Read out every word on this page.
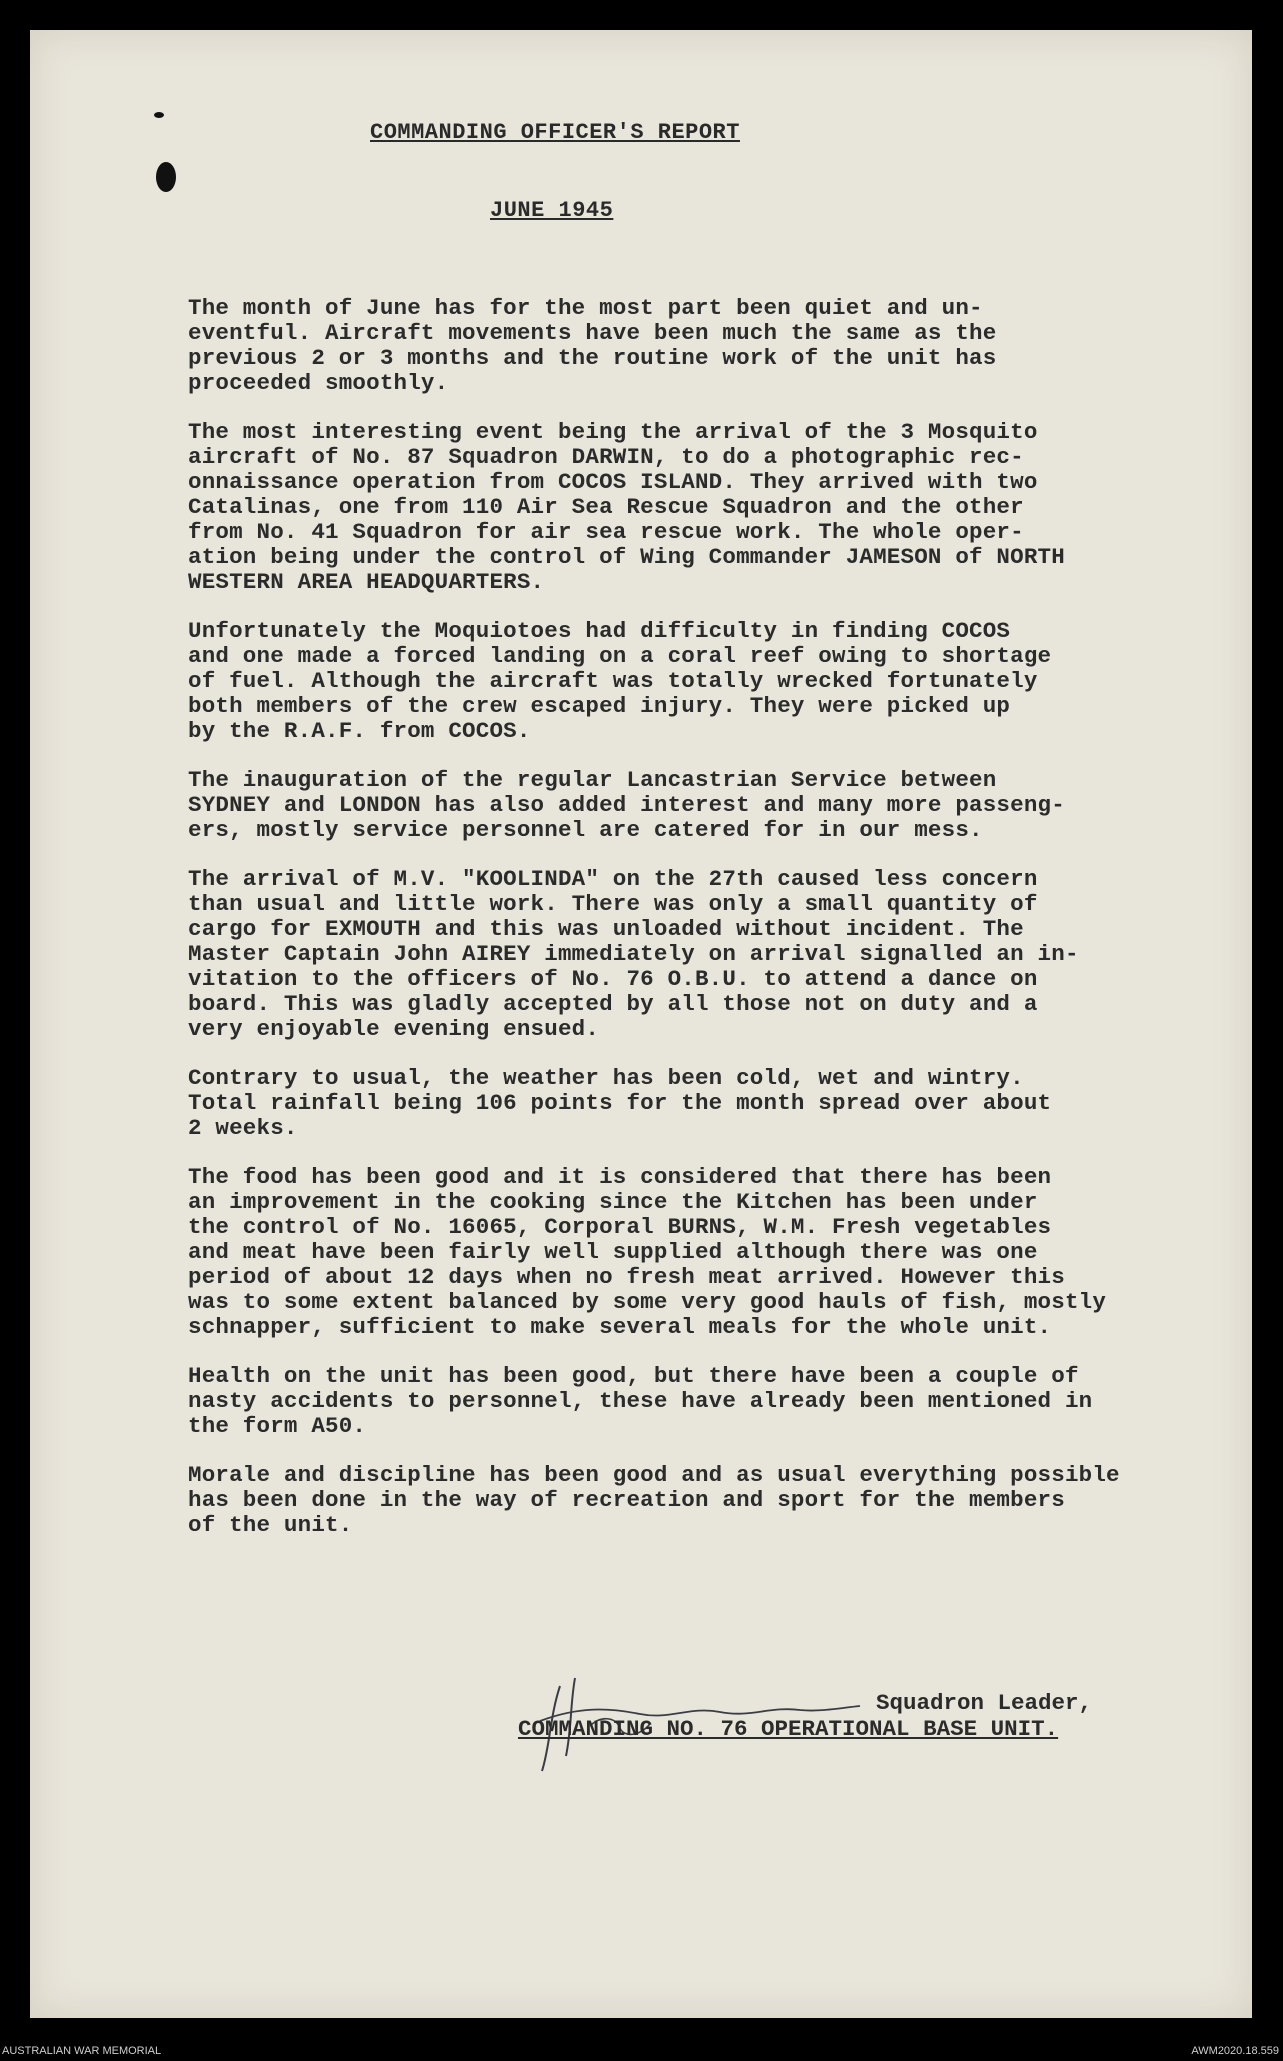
COMMANDING OFFICER'S REPORT
JUNE 1945

The month of June has for the most part been quiet and un-
eventful. Aircraft movements have been much the same as the
previous 2 or 3 months and the routine work of the unit has
proceeded smoothly.

The most interesting event being the arrival of the 3 Mosquito
aircraft of No. 87 Squadron DARWIN, to do a photographic rec-
onnaissance operation from COCOS ISLAND. They arrived with two
Catalinas, one from 110 Air Sea Rescue Squadron and the other
from No. 41 Squadron for air sea rescue work. The whole oper-
ation being under the control of Wing Commander JAMESON of NORTH
WESTERN AREA HEADQUARTERS.

Unfortunately the Moquiotoes had difficulty in finding COCOS
and one made a forced landing on a coral reef owing to shortage
of fuel. Although the aircraft was totally wrecked fortunately
both members of the crew escaped injury. They were picked up
by the R.A.F. from COCOS.

The inauguration of the regular Lancastrian Service between
SYDNEY and LONDON has also added interest and many more passeng-
ers, mostly service personnel are catered for in our mess.

The arrival of M.V. "KOOLINDA" on the 27th caused less concern
than usual and little work. There was only a small quantity of
cargo for EXMOUTH and this was unloaded without incident. The
Master Captain John AIREY immediately on arrival signalled an in-
vitation to the officers of No. 76 O.B.U. to attend a dance on
board. This was gladly accepted by all those not on duty and a
very enjoyable evening ensued.

Contrary to usual, the weather has been cold, wet and wintry.
Total rainfall being 106 points for the month spread over about
2 weeks.

The food has been good and it is considered that there has been
an improvement in the cooking since the Kitchen has been under
the control of No. 16065, Corporal BURNS, W.M. Fresh vegetables
and meat have been fairly well supplied although there was one
period of about 12 days when no fresh meat arrived. However this
was to some extent balanced by some very good hauls of fish, mostly
schnapper, sufficient to make several meals for the whole unit.

Health on the unit has been good, but there have been a couple of
nasty accidents to personnel, these have already been mentioned in
the form A50.

Morale and discipline has been good and as usual everything possible
has been done in the way of recreation and sport for the members
of the unit.

Squadron Leader,
COMMANDING NO. 76 OPERATIONAL BASE UNIT.
AUSTRALIAN WAR MEMORIAL	AWM2020.18.559
